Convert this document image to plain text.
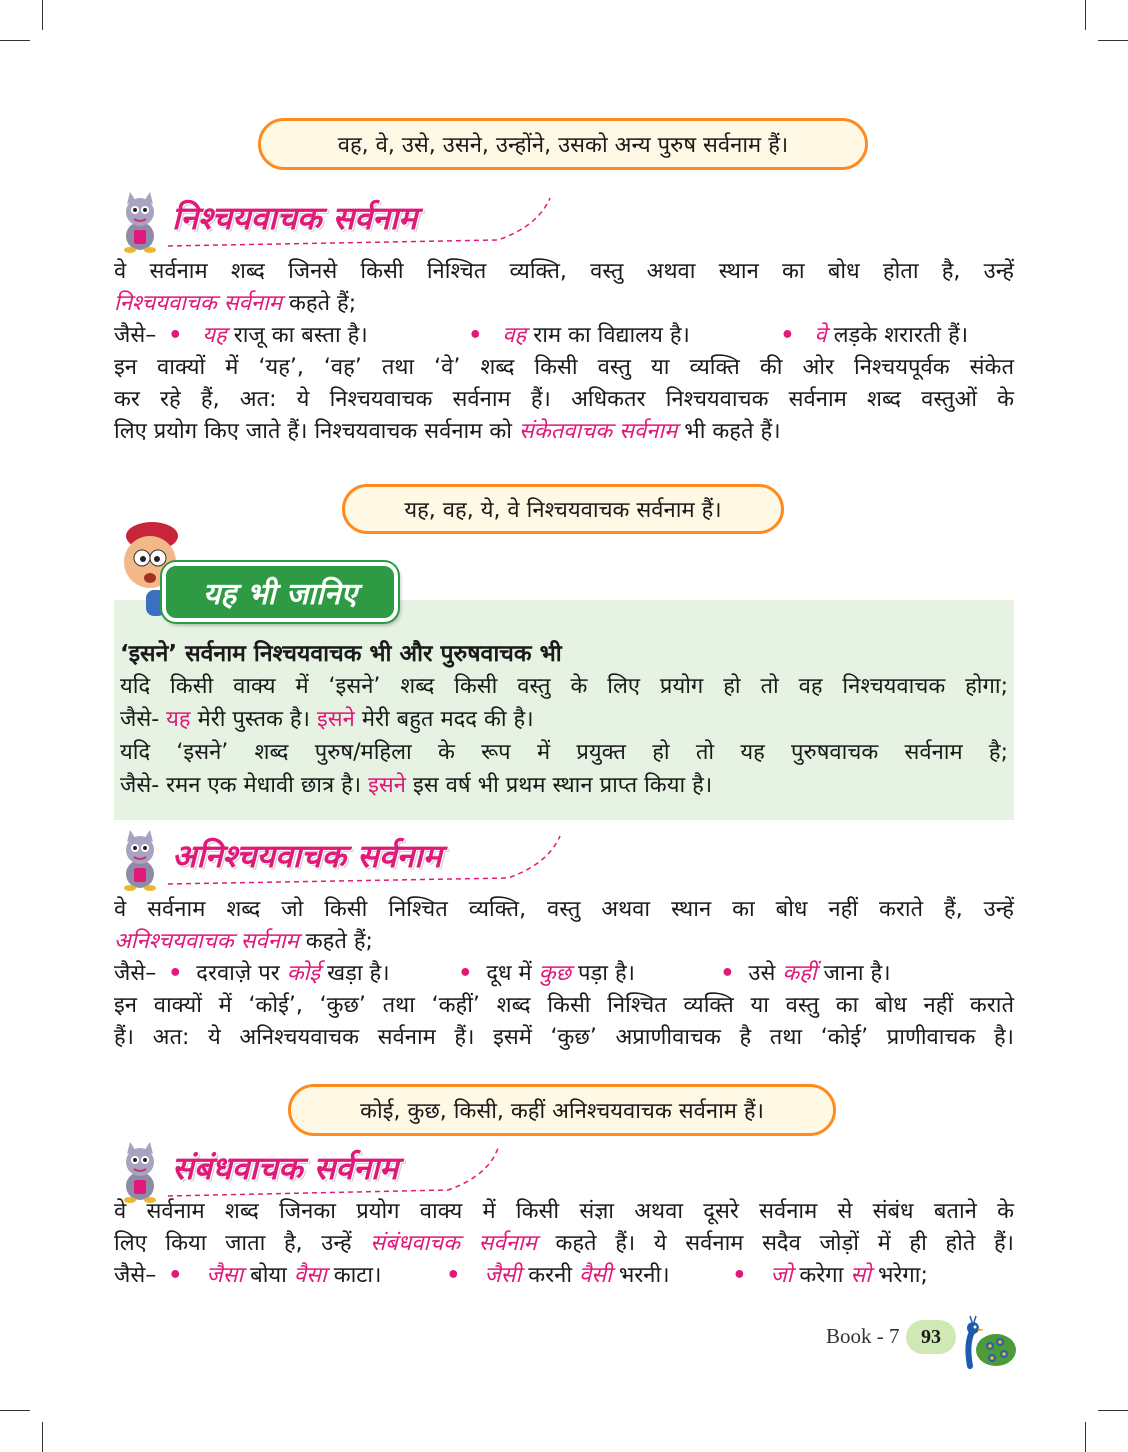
वह, वे, उसे, उसने, उन्होंने, उसको अन्य पुरुष सर्वनाम हैं।
निश्चयवाचक सर्वनाम
वे सर्वनाम शब्द जिनसे किसी निश्चित व्यक्ति, वस्तु अथवा स्थान का बोध होता है, उन्हें
निश्चयवाचक सर्वनाम कहते हैं;
जैसे– • यह राजू का बस्ता है।	• वह राम का विद्यालय है।	• वे लड़के शरारती हैं।
इन वाक्यों में ‘यह’, ‘वह’ तथा ‘वे’ शब्द किसी वस्तु या व्यक्ति की ओर निश्चयपूर्वक संकेत
कर रहे हैं, अत: ये निश्चयवाचक सर्वनाम हैं। अधिकतर निश्चयवाचक सर्वनाम शब्द वस्तुओं के
लिए प्रयोग किए जाते हैं। निश्चयवाचक सर्वनाम को संकेतवाचक सर्वनाम भी कहते हैं।
यह, वह, ये, वे निश्चयवाचक सर्वनाम हैं।
‘इसने’ सर्वनाम निश्चयवाचक भी और पुरुषवाचक भी
यदि किसी वाक्य में ‘इसने’ शब्द किसी वस्तु के लिए प्रयोग हो तो वह निश्चयवाचक होगा;
जैसे- यह मेरी पुस्तक है। इसने मेरी बहुत मदद की है।
यदि ‘इसने’ शब्द पुरुष/महिला के रूप में प्रयुक्त हो तो यह पुरुषवाचक सर्वनाम है;
जैसे- रमन एक मेधावी छात्र है। इसने इस वर्ष भी प्रथम स्थान प्राप्त किया है।
यह भी जानिए
अनिश्चयवाचक सर्वनाम
वे सर्वनाम शब्द जो किसी निश्चित व्यक्ति, वस्तु अथवा स्थान का बोध नहीं कराते हैं, उन्हें
अनिश्चयवाचक सर्वनाम कहते हैं;
जैसे– • दरवाज़े पर कोई खड़ा है।	• दूध में कुछ पड़ा है।	• उसे कहीं जाना है।
इन वाक्यों में ‘कोई’, ‘कुछ’ तथा ‘कहीं’ शब्द किसी निश्चित व्यक्ति या वस्तु का बोध नहीं कराते
हैं। अत: ये अनिश्चयवाचक सर्वनाम हैं। इसमें ‘कुछ’ अप्राणीवाचक है तथा ‘कोई’ प्राणीवाचक है।
कोई, कुछ, किसी, कहीं अनिश्चयवाचक सर्वनाम हैं।
संबंधवाचक सर्वनाम
वे सर्वनाम शब्द जिनका प्रयोग वाक्य में किसी संज्ञा अथवा दूसरे सर्वनाम से संबंध बताने के
लिए किया जाता है, उन्हें संबंधवाचक सर्वनाम कहते हैं। ये सर्वनाम सदैव जोड़ों में ही होते हैं।
जैसे– • जैसा बोया वैसा काटा।	• जैसी करनी वैसी भरनी।	• जो करेगा सो भरेगा;
Book - 7	93
